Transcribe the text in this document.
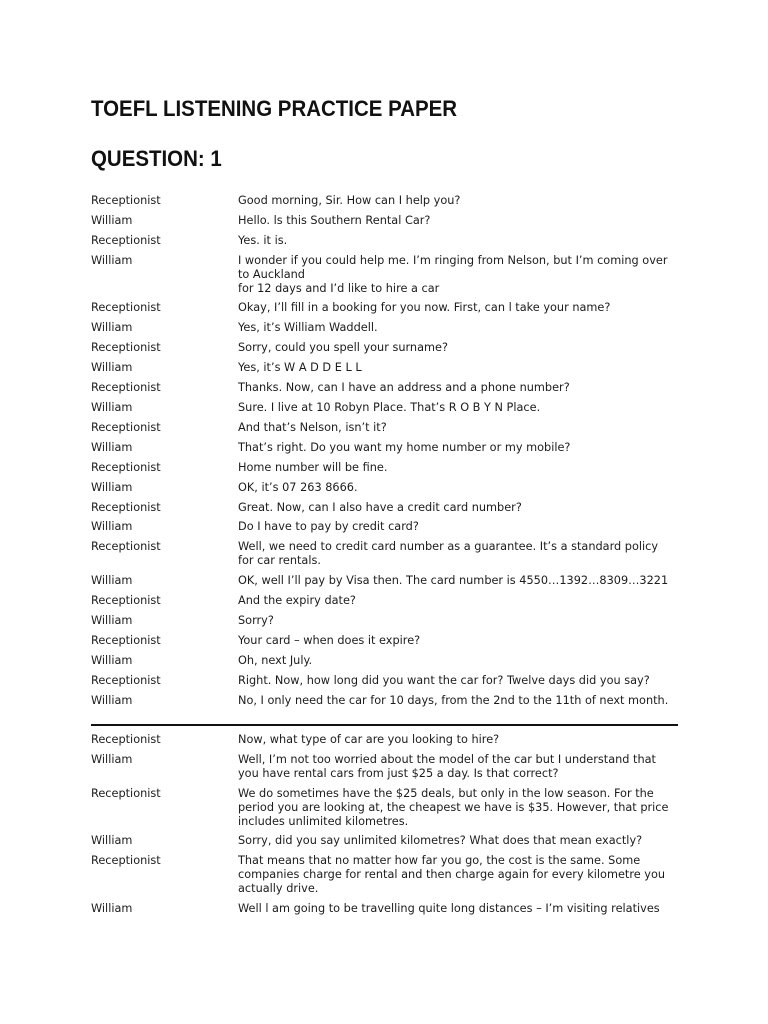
TOEFL LISTENING PRACTICE PAPER
QUESTION: 1
Receptionist	Good morning, Sir. How can I help you?
William	Hello. ls this Southern Rental Car?
Receptionist	Yes. it is.
William	I wonder if you could help me. I’m ringing from Nelson, but I’m coming over
to Auckland
for 12 days and I’d like to hire a car
Receptionist	Okay, I’ll fill in a booking for you now. First, can l take your name?
William	Yes, it’s William Waddell.
Receptionist	Sorry, could you spell your surname?
William	Yes, it’s W A D D E L L
Receptionist	Thanks. Now, can I have an address and a phone number?
William	Sure. I live at 10 Robyn Place. That’s R O B Y N Place.
Receptionist	And that’s Nelson, isn’t it?
William	That’s right. Do you want my home number or my mobile?
Receptionist	Home number will be fine.
William	OK, it’s 07 263 8666.
Receptionist	Great. Now, can I also have a credit card number?
William	Do I have to pay by credit card?
Receptionist	Well, we need to credit card number as a guarantee. It’s a standard policy
for car rentals.
William	OK, well I’ll pay by Visa then. The card number is 4550…1392…8309…3221
Receptionist	And the expiry date?
William	Sorry?
Receptionist	Your card – when does it expire?
William	Oh, next July.
Receptionist	Right. Now, how long did you want the car for? Twelve days did you say?
William	No, I only need the car for 10 days, from the 2nd to the 11th of next month.
Receptionist	Now, what type of car are you looking to hire?
William	Well, I’m not too worried about the model of the car but I understand that
you have rental cars from just $25 a day. Is that correct?
Receptionist	We do sometimes have the $25 deals, but only in the low season. For the
period you are looking at, the cheapest we have is $35. However, that price
includes unlimited kilometres.
William	Sorry, did you say unlimited kilometres? What does that mean exactly?
Receptionist	That means that no matter how far you go, the cost is the same. Some
companies charge for rental and then charge again for every kilometre you
actually drive.
William	Well l am going to be travelling quite long distances – I’m visiting relatives
